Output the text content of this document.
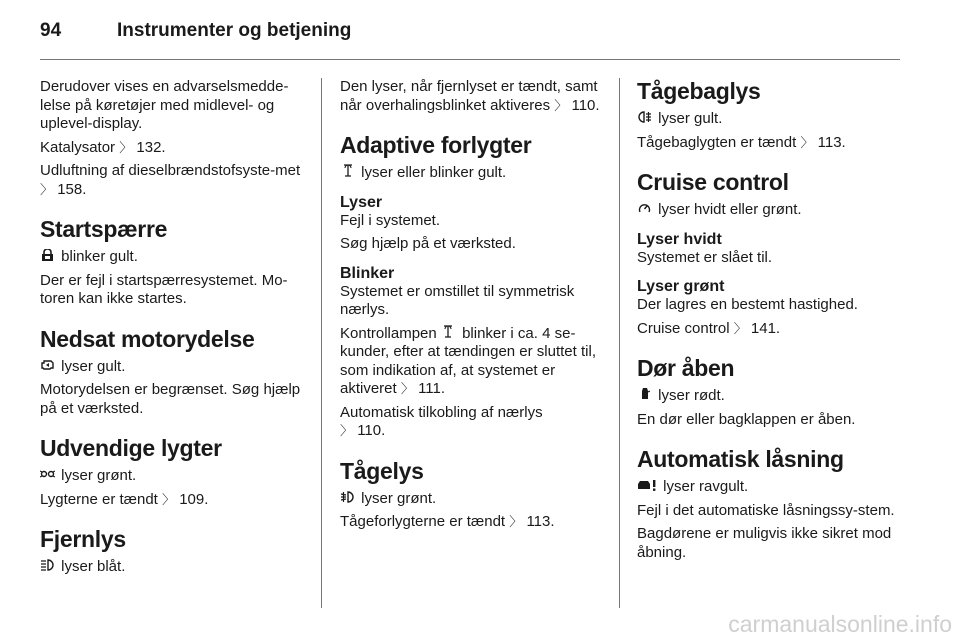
94	Instrumenter og betjening

Derudover vises en advarselsmedde-lelse på køretøjer med midlevel- og uplevel-display.

Katalysator 〉 132.

Udluftning af dieselbrændstofsyste-met 〉 158.

Startspærre

blinker gult.

Der er fejl i startspærresystemet. Mo-toren kan ikke startes.

Nedsat motorydelse

lyser gult.

Motorydelsen er begrænset. Søg hjælp på et værksted.

Udvendige lygter

lyser grønt.

Lygterne er tændt 〉 109.

Fjernlys

lyser blåt.

Den lyser, når fjernlyset er tændt, samt når overhalingsblinket aktiveres 〉 110.

Adaptive forlygter

lyser eller blinker gult.

Lyser

Fejl i systemet.

Søg hjælp på et værksted.

Blinker

Systemet er omstillet til symmetrisk nærlys.

Kontrollampen blinker i ca. 4 se-kunder, efter at tændingen er sluttet til, som indikation af, at systemet er aktiveret 〉 111.

Automatisk tilkobling af nærlys
〉 110.

Tågelys

lyser grønt.

Tågeforlygterne er tændt 〉 113.

Tågebaglys

lyser gult.

Tågebaglygten er tændt 〉 113.

Cruise control

lyser hvidt eller grønt.

Lyser hvidt

Systemet er slået til.

Lyser grønt

Der lagres en bestemt hastighed.

Cruise control 〉 141.

Dør åben

lyser rødt.

En dør eller bagklappen er åben.

Automatisk låsning

lyser ravgult.

Fejl i det automatiske låsningssy-stem.

Bagdørene er muligvis ikke sikret mod åbning.

carmanualsonline.info
